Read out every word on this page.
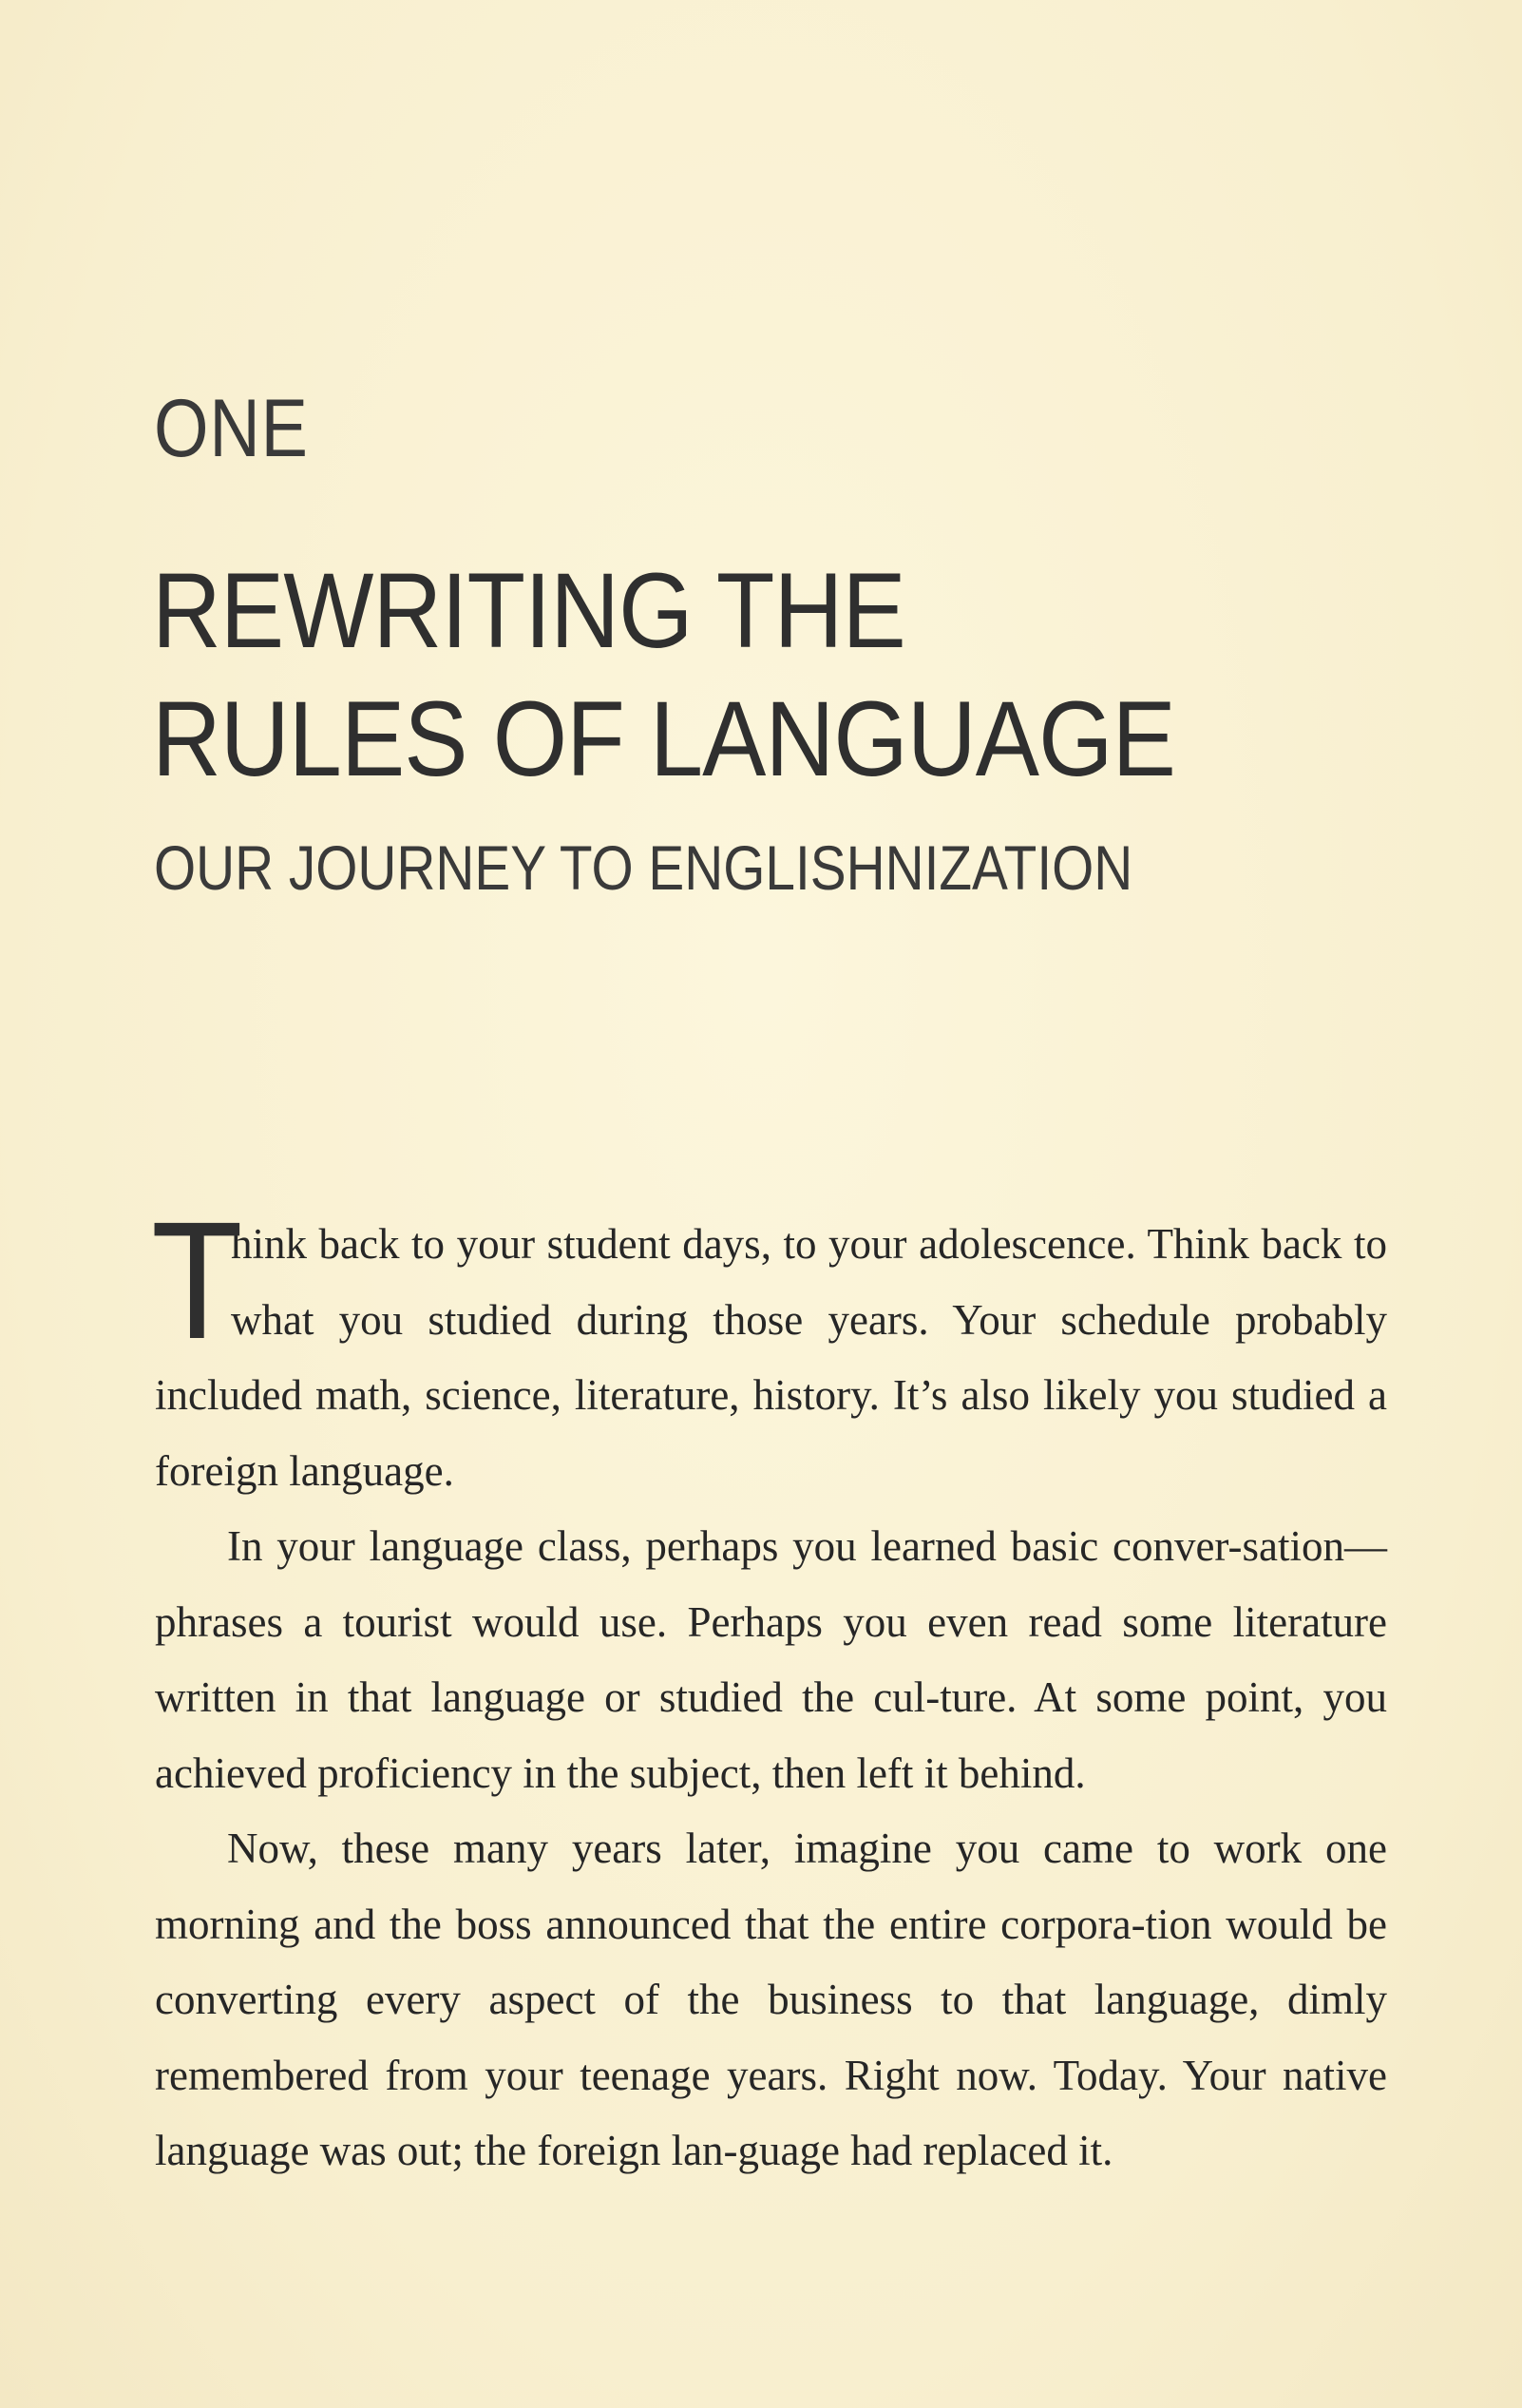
ONE
REWRITING THE
RULES OF LANGUAGE
OUR JOURNEY TO ENGLISHNIZATION

T
hink back to your student days, to your adolescence. Think back to what you studied during those years. Your schedule probably included math, science, literature, history. It’s also likely you studied a foreign language.

In your language class, perhaps you learned basic conver-sation—phrases a tourist would use. Perhaps you even read some literature written in that language or studied the cul-ture. At some point, you achieved proficiency in the subject, then left it behind.

Now, these many years later, imagine you came to work one morning and the boss announced that the entire corpora-tion would be converting every aspect of the business to that language, dimly remembered from your teenage years. Right now. Today. Your native language was out; the foreign lan-guage had replaced it.
